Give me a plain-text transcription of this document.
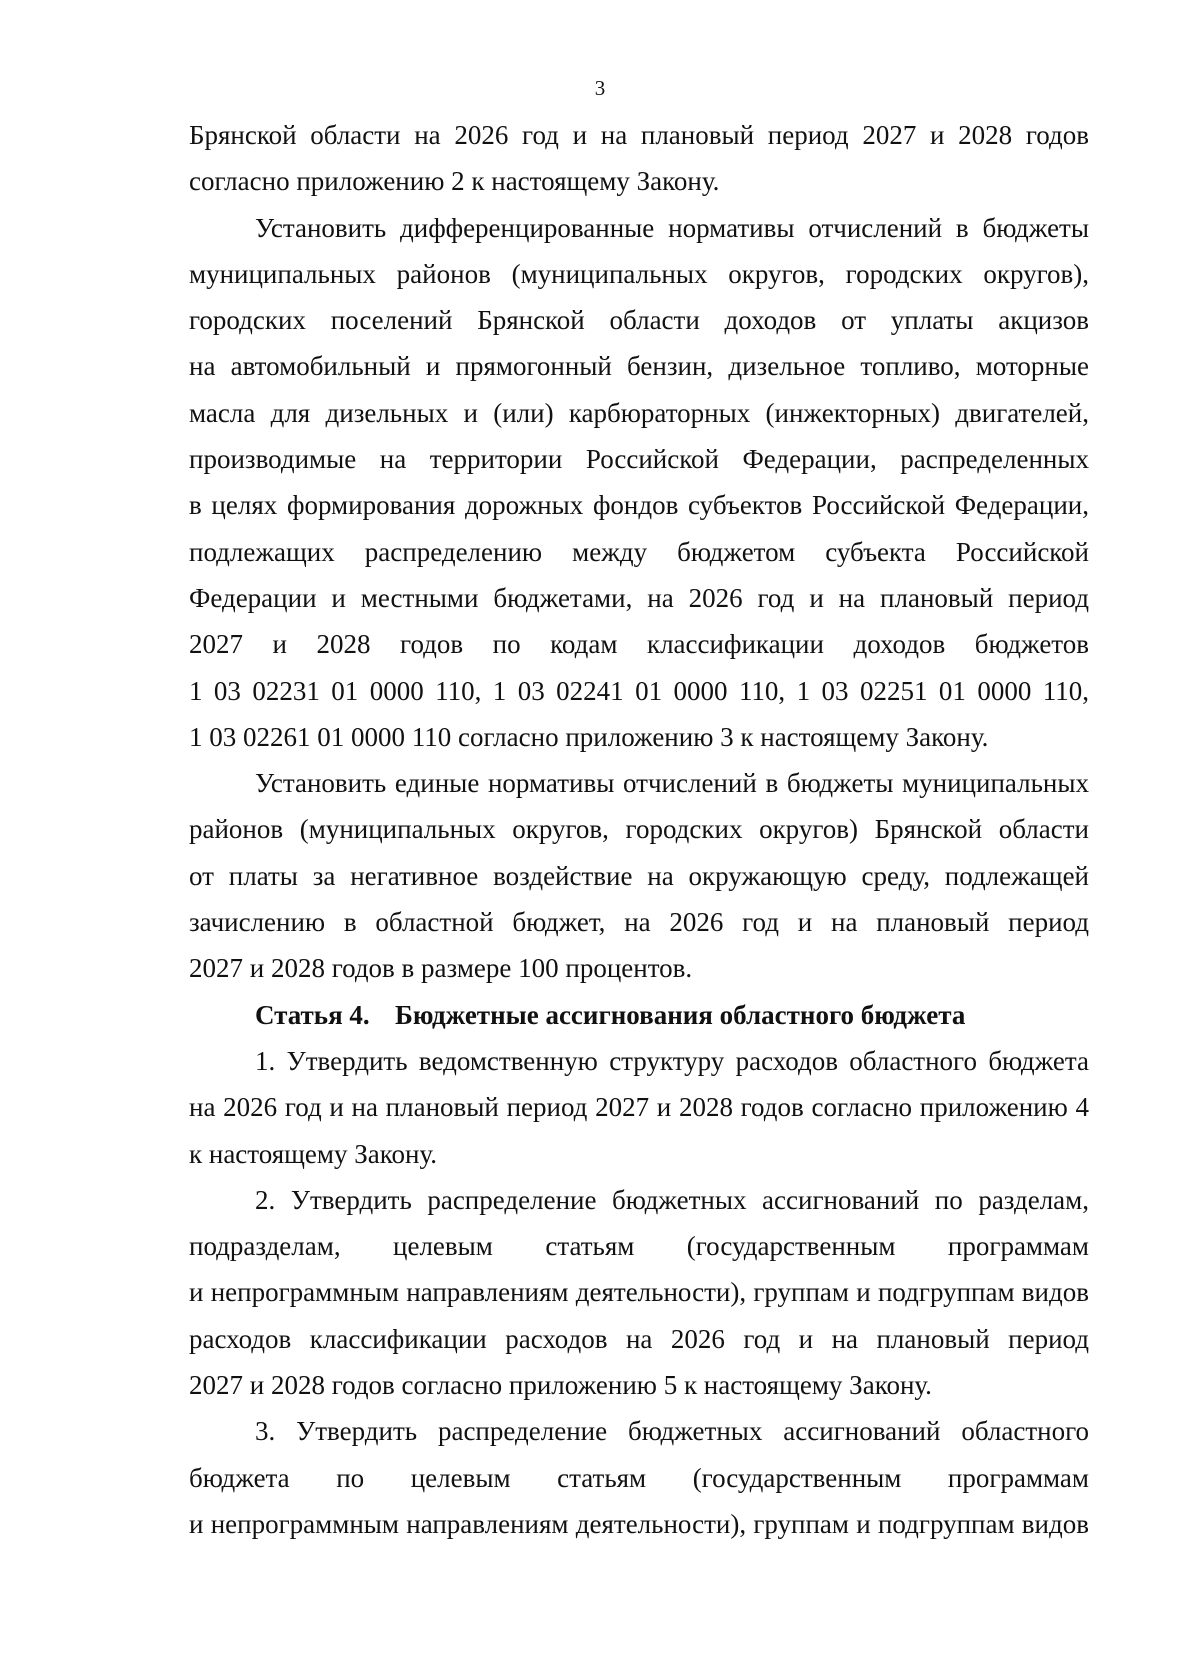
3

Брянской области на 2026 год и на плановый период 2027 и 2028 годов

согласно приложению 2 к настоящему Закону.

Установить дифференцированные нормативы отчислений в бюджеты

муниципальных районов (муниципальных округов, городских округов),

городских поселений Брянской области доходов от уплаты акцизов

на автомобильный и прямогонный бензин, дизельное топливо, моторные

масла для дизельных и (или) карбюраторных (инжекторных) двигателей,

производимые на территории Российской Федерации, распределенных

в целях формирования дорожных фондов субъектов Российской Федерации,

подлежащих распределению между бюджетом субъекта Российской

Федерации и местными бюджетами, на 2026 год и на плановый период

2027 и 2028 годов по кодам классификации доходов бюджетов

1 03 02231 01 0000 110, 1 03 02241 01 0000 110, 1 03 02251 01 0000 110,

1 03 02261 01 0000 110 согласно приложению 3 к настоящему Закону.

Установить единые нормативы отчислений в бюджеты муниципальных

районов (муниципальных округов, городских округов) Брянской области

от платы за негативное воздействие на окружающую среду, подлежащей

зачислению в областной бюджет, на 2026 год и на плановый период

2027 и 2028 годов в размере 100 процентов.

Статья 4. Бюджетные ассигнования областного бюджета

1. Утвердить ведомственную структуру расходов областного бюджета

на 2026 год и на плановый период 2027 и 2028 годов согласно приложению 4

к настоящему Закону.

2. Утвердить распределение бюджетных ассигнований по разделам,

подразделам, целевым статьям (государственным программам

и непрограммным направлениям деятельности), группам и подгруппам видов

расходов классификации расходов на 2026 год и на плановый период

2027 и 2028 годов согласно приложению 5 к настоящему Закону.

3. Утвердить распределение бюджетных ассигнований областного

бюджета по целевым статьям (государственным программам

и непрограммным направлениям деятельности), группам и подгруппам видов
